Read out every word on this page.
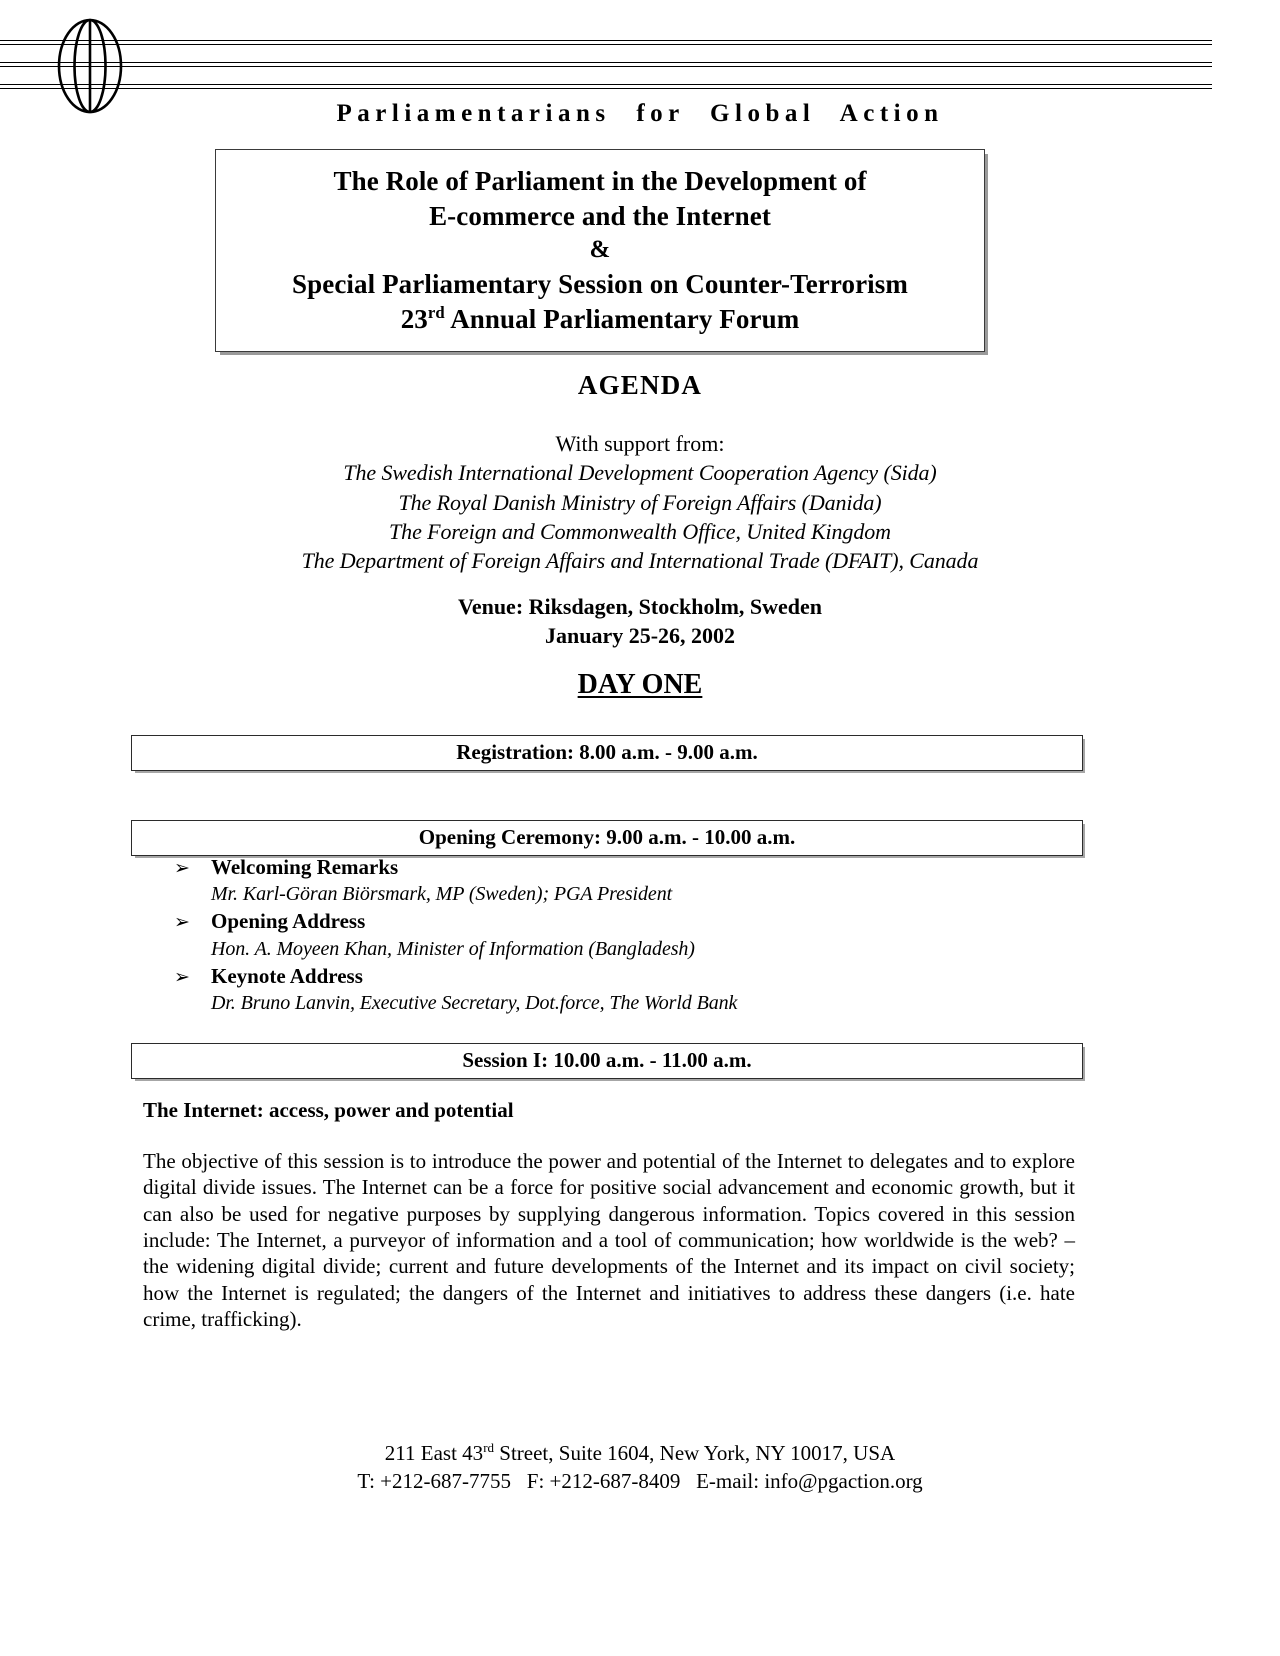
Parliamentarians for Global Action
The Role of Parliament in the Development of
E-commerce and the Internet
&
Special Parliamentary Session on Counter-Terrorism
23rd Annual Parliamentary Forum
AGENDA
With support from:
The Swedish International Development Cooperation Agency (Sida)
The Royal Danish Ministry of Foreign Affairs (Danida)
The Foreign and Commonwealth Office, United Kingdom
The Department of Foreign Affairs and International Trade (DFAIT), Canada
Venue: Riksdagen, Stockholm, Sweden
January 25-26, 2002
DAY ONE
Registration: 8.00 a.m. - 9.00 a.m.
Opening Ceremony: 9.00 a.m. - 10.00 a.m.
➢	Welcoming Remarks
Mr. Karl-Göran Biörsmark, MP (Sweden); PGA President
➢	Opening Address
Hon. A. Moyeen Khan, Minister of Information (Bangladesh)
➢	Keynote Address
Dr. Bruno Lanvin, Executive Secretary, Dot.force, The World Bank
Session I: 10.00 a.m. - 11.00 a.m.
The Internet: access, power and potential
The objective of this session is to introduce the power and potential of the Internet to delegates and to explore digital divide issues. The Internet can be a force for positive social advancement and economic growth, but it can also be used for negative purposes by supplying dangerous information. Topics covered in this session include: The Internet, a purveyor of information and a tool of communication; how worldwide is the web? – the widening digital divide; current and future developments of the Internet and its impact on civil society; how the Internet is regulated; the dangers of the Internet and initiatives to address these dangers (i.e. hate crime, trafficking).
211 East 43rd Street, Suite 1604, New York, NY 10017, USA
T: +212-687-7755 F: +212-687-8409 E-mail: info@pgaction.org
